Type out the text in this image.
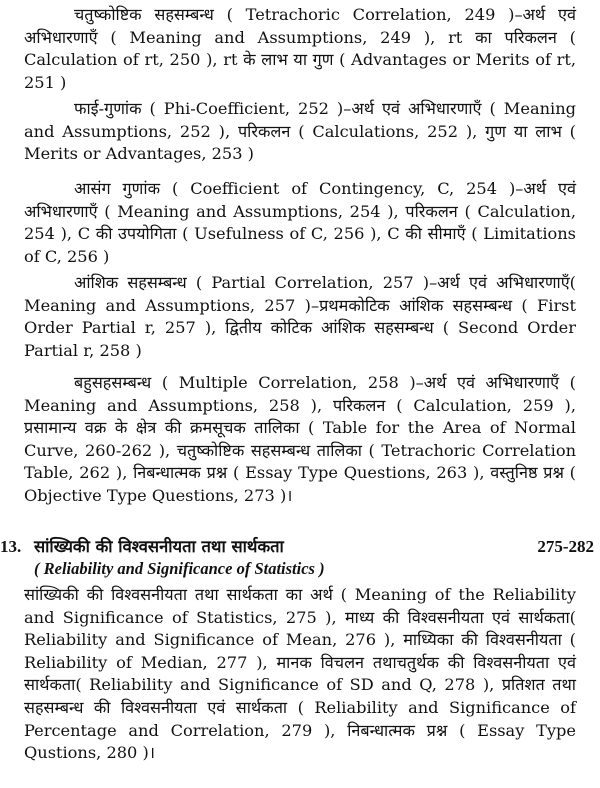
चतुष्कोष्टिक सहसम्बन्ध ( Tetrachoric Correlation, 249 )–अर्थ एवं अभिधारणाएँ ( Meaning and Assumptions, 249 ), rt का परिकलन ( Calculation of rt, 250 ), rt के लाभ या गुण ( Advantages or Merits of rt, 251 )

फाई-गुणांक ( Phi-Coefficient, 252 )–अर्थ एवं अभिधारणाएँ ( Meaning and Assumptions, 252 ), परिकलन ( Calculations, 252 ), गुण या लाभ ( Merits or Advantages, 253 )

आसंग गुणांक ( Coefficient of Contingency, C, 254 )–अर्थ एवं अभिधारणाएँ ( Meaning and Assumptions, 254 ), परिकलन ( Calculation, 254 ), C की उपयोगिता ( Usefulness of C, 256 ), C की सीमाएँ ( Limitations of C, 256 )

आंशिक सहसम्बन्ध ( Partial Correlation, 257 )–अर्थ एवं अभिधारणाएँ( Meaning and Assumptions, 257 )–प्रथमकोटिक आंशिक सहसम्बन्ध ( First Order Partial r, 257 ), द्वितीय कोटिक आंशिक सहसम्बन्ध ( Second Order Partial r, 258 )

बहुसहसम्बन्ध ( Multiple Correlation, 258 )–अर्थ एवं अभिधारणाएँ ( Meaning and Assumptions, 258 ), परिकलन ( Calculation, 259 ), प्रसामान्य वक्र के क्षेत्र की क्रमसूचक तालिका ( Table for the Area of Normal Curve, 260-262 ), चतुष्कोष्टिक सहसम्बन्ध तालिका ( Tetrachoric Correlation Table, 262 ), निबन्धात्मक प्रश्न ( Essay Type Questions, 263 ), वस्तुनिष्ठ प्रश्न ( Objective Type Questions, 273 )।

13. सांख्यिकी की विश्वसनीयता तथा सार्थकता	275-282
( Reliability and Significance of Statistics )
सांख्यिकी की विश्वसनीयता तथा सार्थकता का अर्थ ( Meaning of the Reliability and Significance of Statistics, 275 ), माध्य की विश्वसनीयता एवं सार्थकता( Reliability and Significance of Mean, 276 ), माध्यिका की विश्वसनीयता ( Reliability of Median, 277 ), मानक विचलन तथाचतुर्थक की विश्वसनीयता एवं सार्थकता( Reliability and Significance of SD and Q, 278 ), प्रतिशत तथा सहसम्बन्ध की विश्वसनीयता एवं सार्थकता ( Reliability and Significance of Percentage and Correlation, 279 ), निबन्धात्मक प्रश्न ( Essay Type Qustions, 280 )।
